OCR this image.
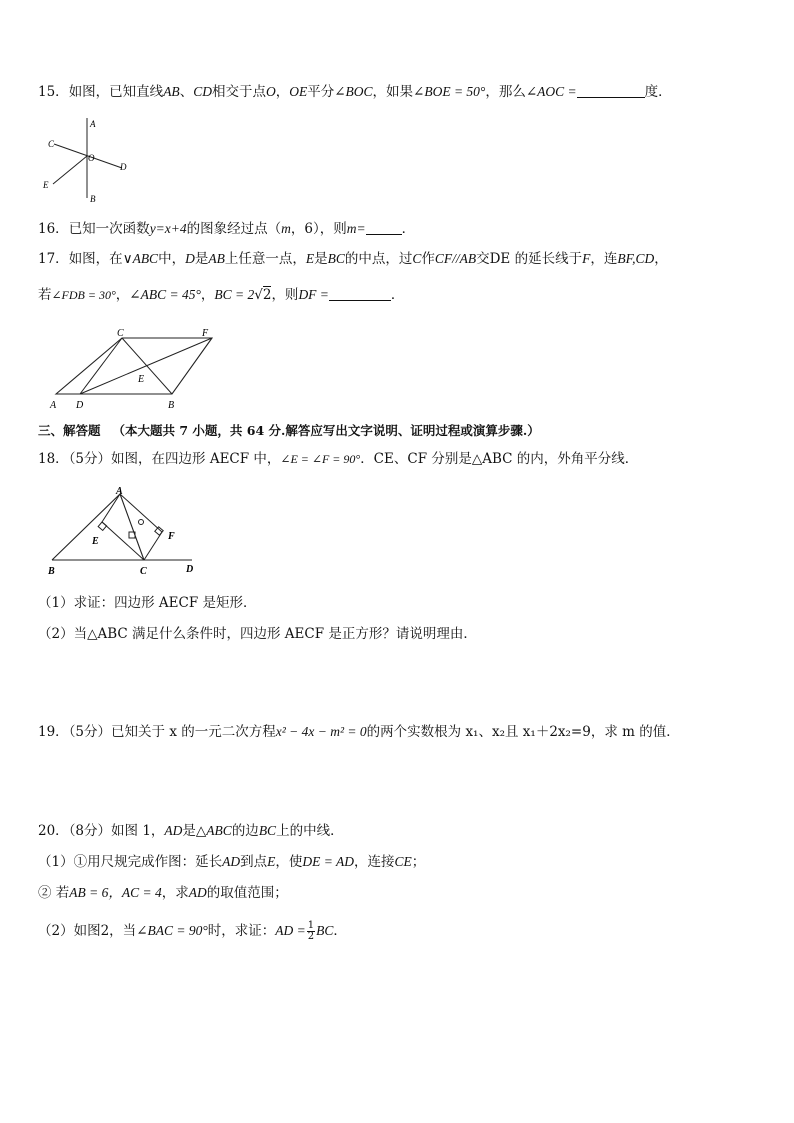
15．如图，已知直线AB、CD相交于点O，OE平分∠BOC，如果∠BOE = 50°，那么∠AOC =	度．
A
B
C
D
E
O
16．已知一次函数y=x+4的图象经过点（m，6），则m=	．
17．如图，在∨ABC中，D是AB上任意一点，E是BC的中点，过C作CF//AB交DE 的延长线于F，连BF,CD，
若∠FDB = 30°，∠ABC = 45°，BC = 2√2，则DF =	．
A D	B
C	F
E
三、解答题 （本大题共 7 小题，共 64 分.解答应写出文字说明、证明过程或演算步骤.）
18．（5分）如图，在四边形 AECF 中，∠E = ∠F = 90°．CE、CF 分别是△ABC 的内，外角平分线．
A
B	C	D
E	F
（1）求证：四边形 AECF 是矩形．
（2）当△ABC 满足什么条件时，四边形 AECF 是正方形？请说明理由．
19．（5分）已知关于 x 的一元二次方程x² − 4x − m² = 0的两个实数根为 x₁、x₂且 x₁＋2x₂=9，求 m 的值．
20．（8分）如图 1，AD是△ABC的边BC上的中线．
（1）①用尺规完成作图：延长AD到点E，使DE = AD，连接CE；
② 若AB = 6，AC = 4，求AD的取值范围；
（2）如图2，当∠BAC = 90°时，求证：AD = $\frac{1}{2}$ BC．
